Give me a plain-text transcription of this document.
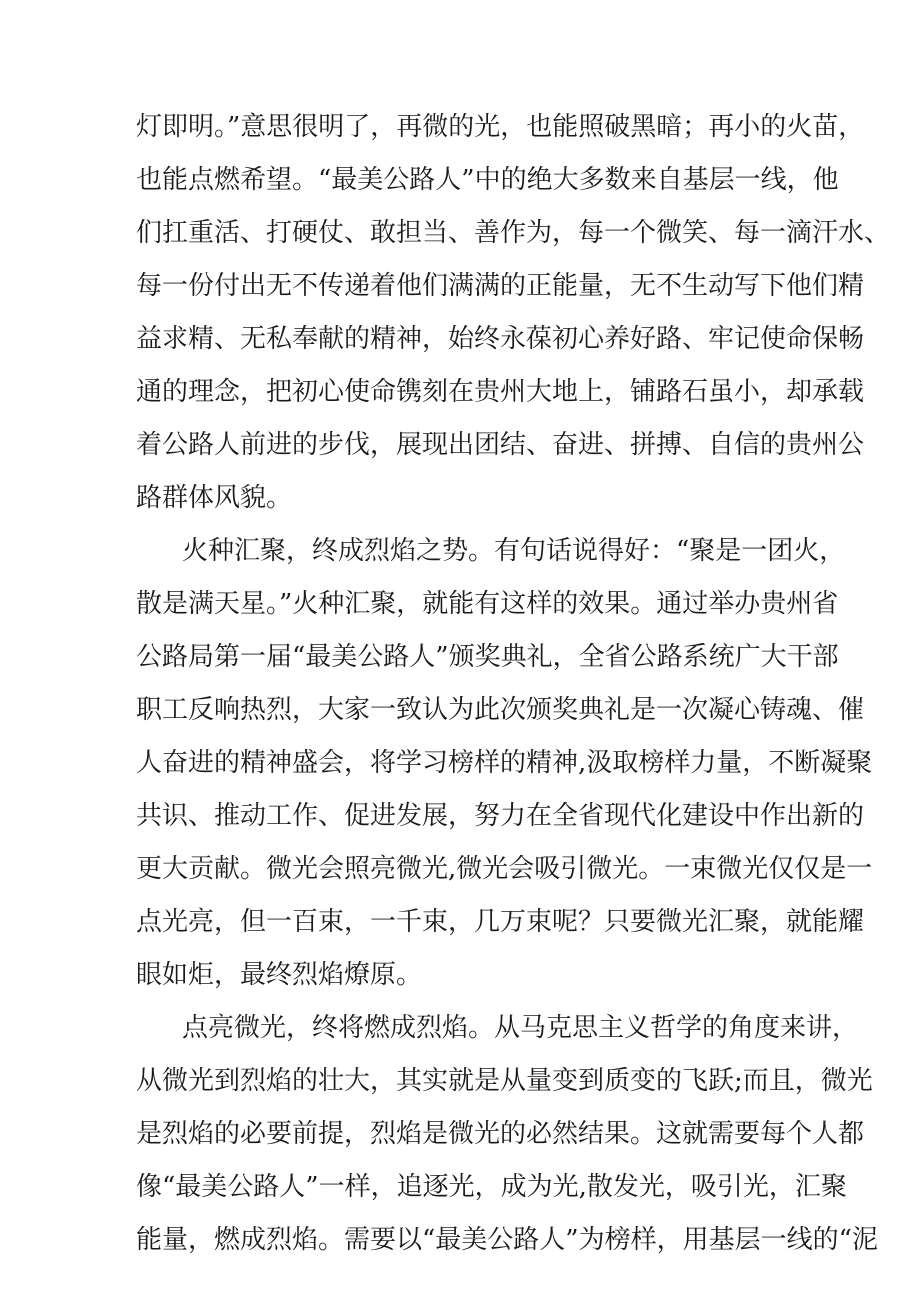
灯即明。”意思很明了，再微的光，也能照破黑暗；再小的火苗，
也能点燃希望。“最美公路人”中的绝大多数来自基层一线，他
们扛重活、打硬仗、敢担当、善作为，每一个微笑、每一滴汗水、
每一份付出无不传递着他们满满的正能量，无不生动写下他们精
益求精、无私奉献的精神，始终永葆初心养好路、牢记使命保畅
通的理念，把初心使命镌刻在贵州大地上，铺路石虽小，却承载
着公路人前进的步伐，展现出团结、奋进、拼搏、自信的贵州公
路群体风貌。
火种汇聚，终成烈焰之势。有句话说得好：“聚是一团火，
散是满天星。”火种汇聚，就能有这样的效果。通过举办贵州省
公路局第一届“最美公路人”颁奖典礼，全省公路系统广大干部
职工反响热烈，大家一致认为此次颁奖典礼是一次凝心铸魂、催
人奋进的精神盛会，将学习榜样的精神,汲取榜样力量，不断凝聚
共识、推动工作、促进发展，努力在全省现代化建设中作出新的
更大贡献。微光会照亮微光,微光会吸引微光。一束微光仅仅是一
点光亮，但一百束，一千束，几万束呢？只要微光汇聚，就能耀
眼如炬，最终烈焰燎原。
点亮微光，终将燃成烈焰。从马克思主义哲学的角度来讲，
从微光到烈焰的壮大，其实就是从量变到质变的飞跃;而且，微光
是烈焰的必要前提，烈焰是微光的必然结果。这就需要每个人都
像“最美公路人”一样，追逐光，成为光,散发光，吸引光，汇聚
能量，燃成烈焰。需要以“最美公路人”为榜样，用基层一线的“泥
